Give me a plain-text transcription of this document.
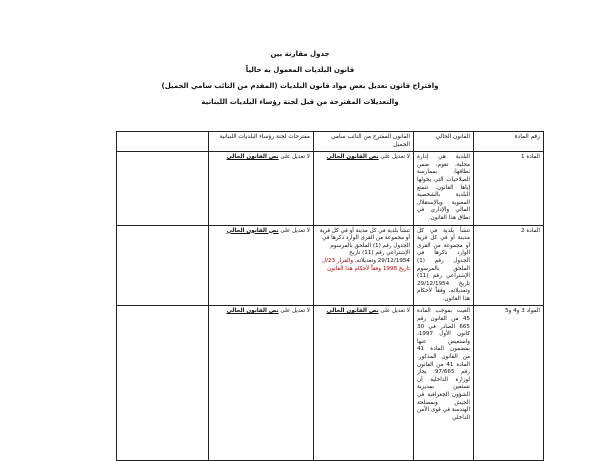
جدول مقارنة بين
قانون البلديات المعمول به حالياً
واقتراح قانون تعديل بعض مواد قانون البلديات (المقدم من النائب سامي الجميل)
والتعديلات المقترحة من قبل لجنة رؤساء البلديات اللبنانية
رقم المادة	القانون الحالي	القانون المقترح من النائب سامي الجميل	مقترحات لجنة رؤساء البلديات اللبنانية	
المادة 1	البلدية هي إدارة محلية، تقوم، ضمن نطاقها، بممارسة الصلاحيات التي يخولها إياها القانون. تتمتع البلدية بالشخصية المعنوية وبالإستقلال المالي والإداري في نطاق هذا القانون.	لا تعديل على نص القانون الحالي	لا تعديل على نص القانون الحالي	
المادة 2	تنشأ بلدية في كل مدينة أو في كل قرية أو مجموعة من القرى الوارد ذكرها في الجدول رقم (1) الملحق بالمرسوم الإشتراعي رقم (11) تاريخ 29/12/1954 وتعديلاته، وفقاً لأحكام هذا القانون.	تنشأ بلدية في كل مدينة أو في كل قرية أو مجموعة من القرى الوارد ذكرها في الجدول رقم (1) الملحق بالمرسوم الإشتراعي رقم (11) تاريخ 29/12/1954 وتعديلاته، والقرار 23/ل تاريخ 1998 وفقاً لأحكام هذا القانون	لا تعديل على نص القانون الحالي	
المواد 3 و4 و5	ألغيت بموجب المادة 45 من القانون رقم 665 الصادر في 30 كانون الأول 1997، واستعيض عنها بمضمون المادة 41 من القانون المذكور. المادة 41 من القانون رقم 97/665: يجاز لوزارة الداخلية أن تستعين بمديرية الشؤون الجغرافية في الجيش وبمصلحة الهندسة في قوى الأمن الداخلي	لا تعديل على نص القانون الحالي	لا تعديل على نص القانون الحالي	
